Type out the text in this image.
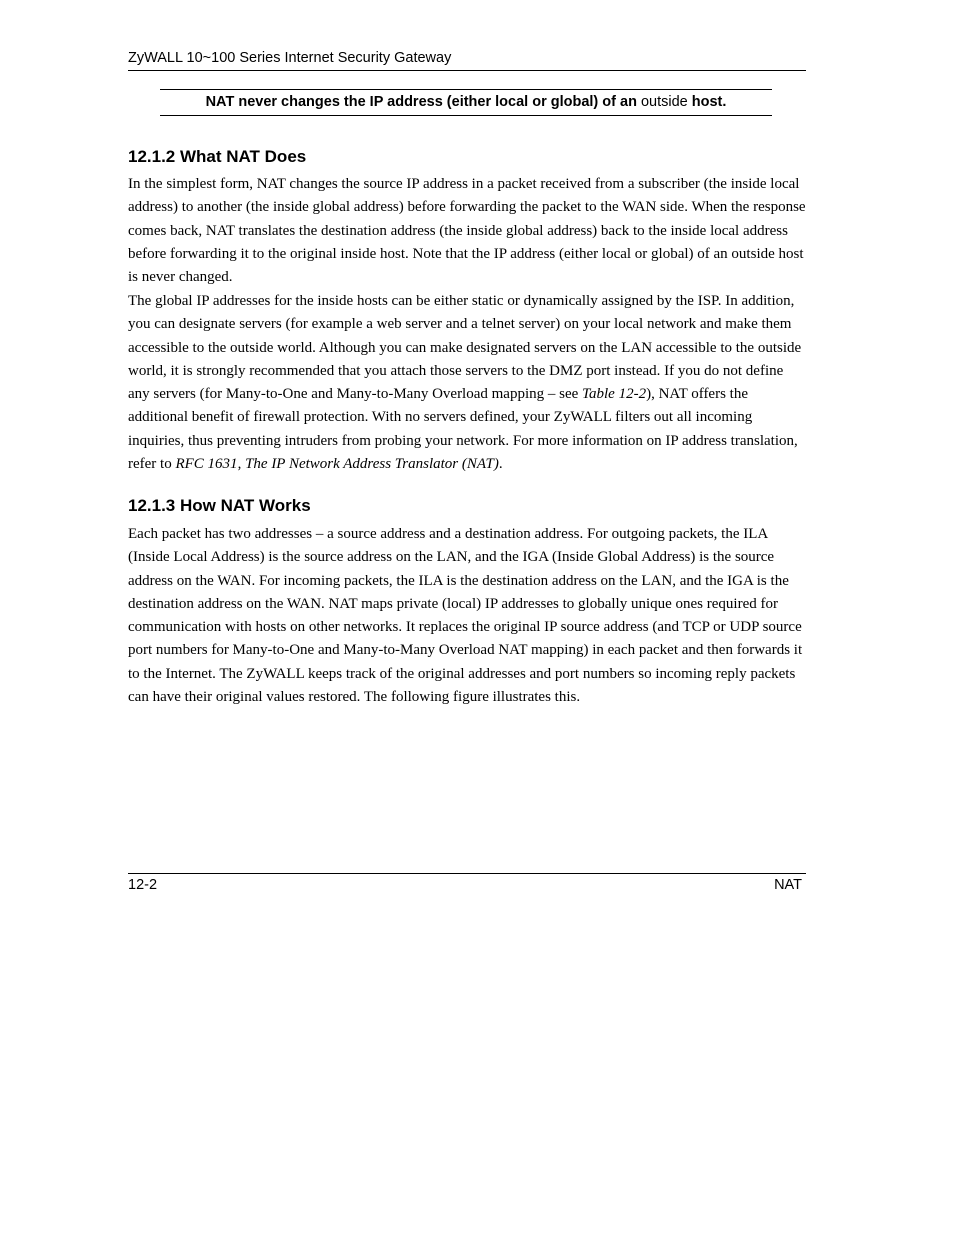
ZyWALL 10~100 Series Internet Security Gateway
NAT never changes the IP address (either local or global) of an outside host.
12.1.2 What NAT Does

In the simplest form, NAT changes the source IP address in a packet received from a subscriber (the inside local address) to another (the inside global address) before forwarding the packet to the WAN side. When the response comes back, NAT translates the destination address (the inside global address) back to the inside local address before forwarding it to the original inside host. Note that the IP address (either local or global) of an outside host is never changed.

The global IP addresses for the inside hosts can be either static or dynamically assigned by the ISP. In addition, you can designate servers (for example a web server and a telnet server) on your local network and make them accessible to the outside world. Although you can make designated servers on the LAN accessible to the outside world, it is strongly recommended that you attach those servers to the DMZ port instead. If you do not define any servers (for Many-to-One and Many-to-Many Overload mapping – see Table 12-2), NAT offers the additional benefit of firewall protection. With no servers defined, your ZyWALL filters out all incoming inquiries, thus preventing intruders from probing your network. For more information on IP address translation, refer to RFC 1631, The IP Network Address Translator (NAT).

12.1.3 How NAT Works

Each packet has two addresses – a source address and a destination address. For outgoing packets, the ILA (Inside Local Address) is the source address on the LAN, and the IGA (Inside Global Address) is the source address on the WAN. For incoming packets, the ILA is the destination address on the LAN, and the IGA is the destination address on the WAN. NAT maps private (local) IP addresses to globally unique ones required for communication with hosts on other networks. It replaces the original IP source address (and TCP or UDP source port numbers for Many-to-One and Many-to-Many Overload NAT mapping) in each packet and then forwards it to the Internet. The ZyWALL keeps track of the original addresses and port numbers so incoming reply packets can have their original values restored. The following figure illustrates this.

12-2	NAT
